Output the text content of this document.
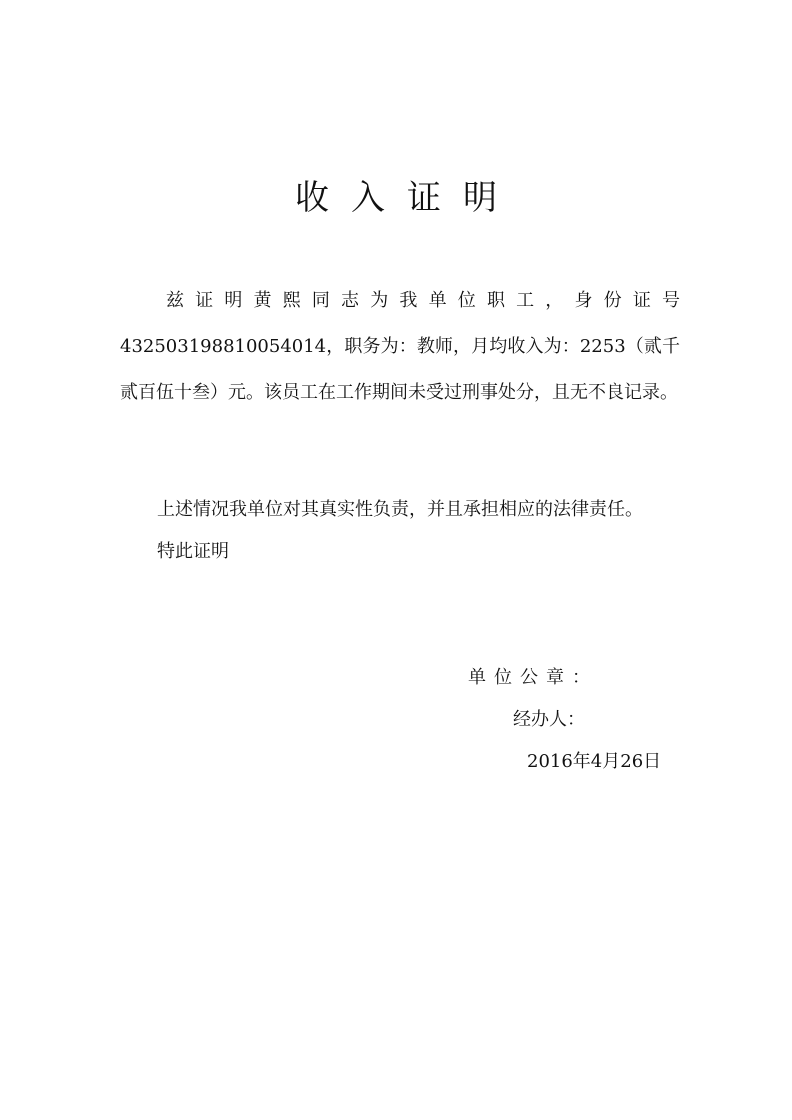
收入证明

兹证明黄熙同志为我单位职工，身份证号432503198810054014，职务为：教师，月均收入为：2253（贰千贰百伍十叁）元。该员工在工作期间未受过刑事处分，且无不良记录。

上述情况我单位对其真实性负责，并且承担相应的法律责任。

特此证明

单位公章：

经办人：

2016年4月26日
